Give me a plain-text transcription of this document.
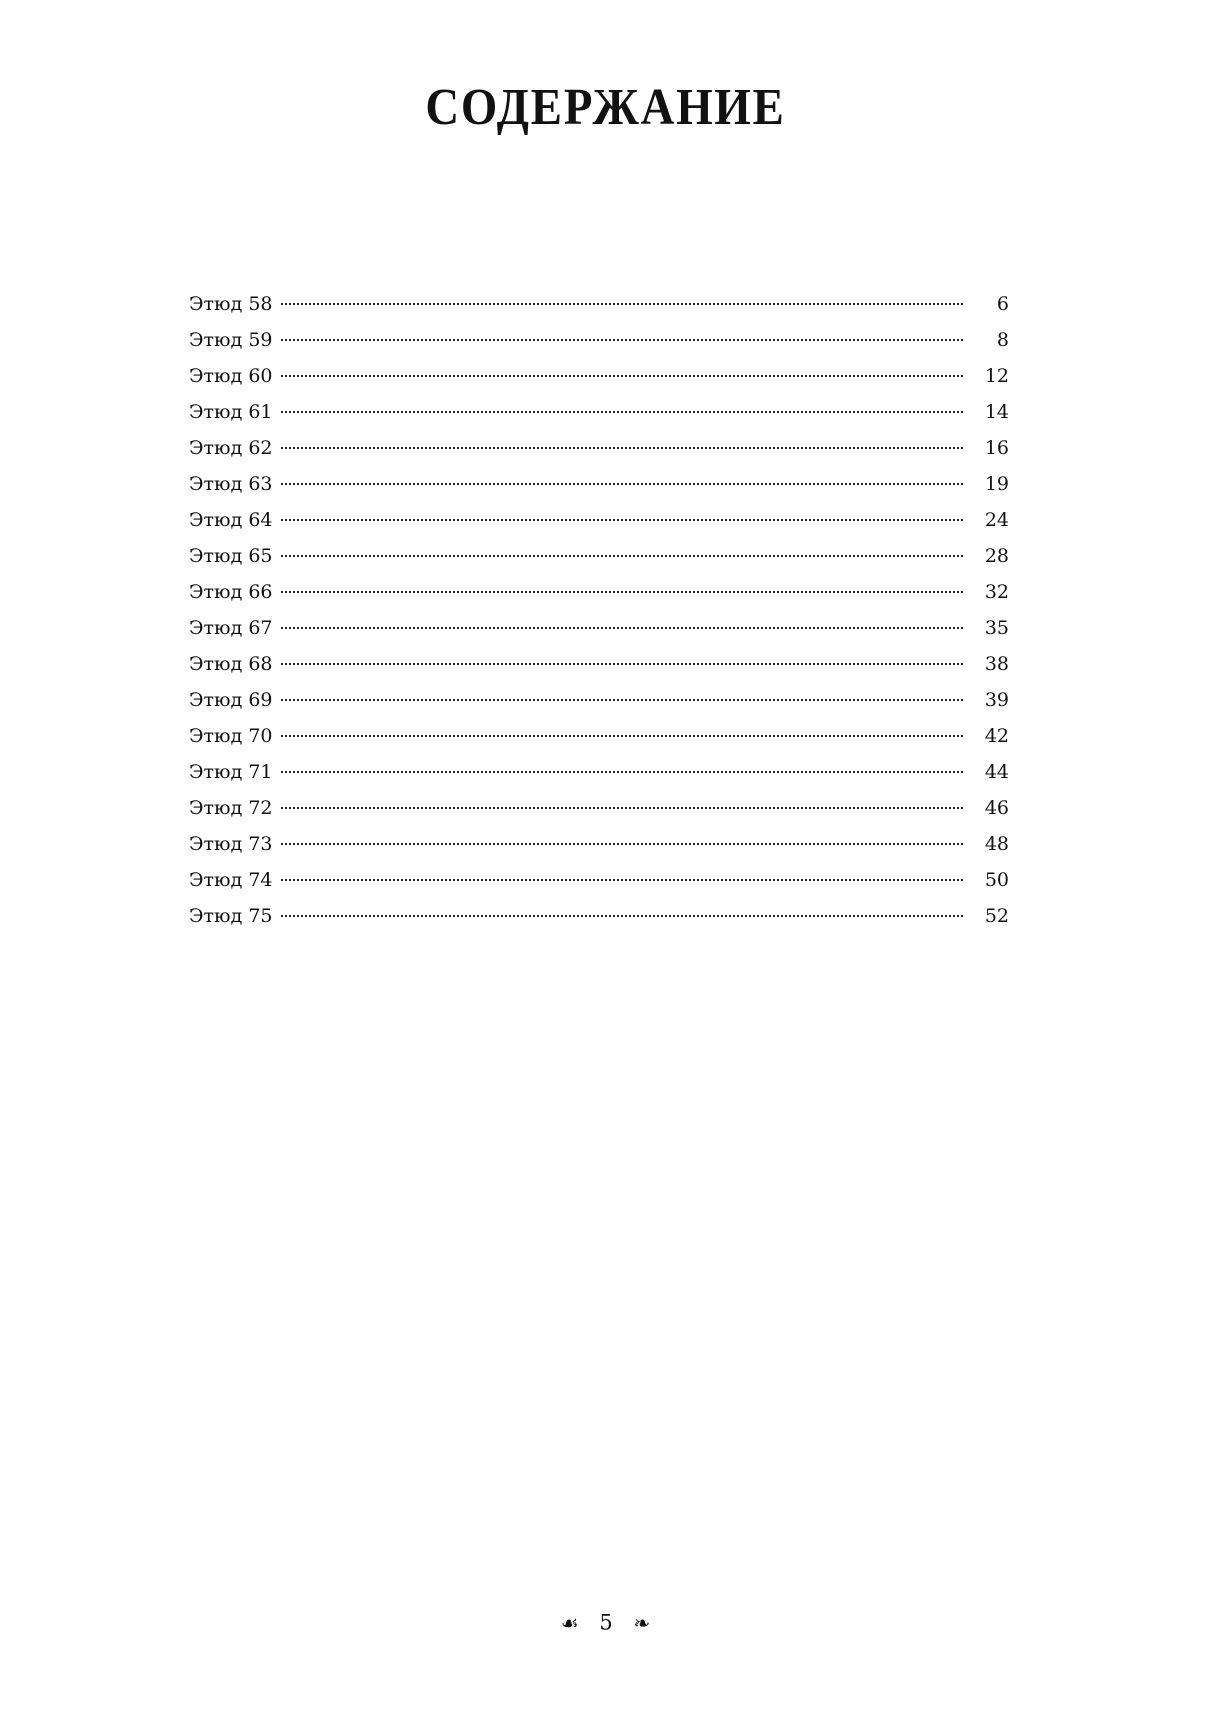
СОДЕРЖАНИЕ
Этюд 58	6
Этюд 59	8
Этюд 60	12
Этюд 61	14
Этюд 62	16
Этюд 63	19
Этюд 64	24
Этюд 65	28
Этюд 66	32
Этюд 67	35
Этюд 68	38
Этюд 69	39
Этюд 70	42
Этюд 71	44
Этюд 72	46
Этюд 73	48
Этюд 74	50
Этюд 75	52
☙ 5 ❧
